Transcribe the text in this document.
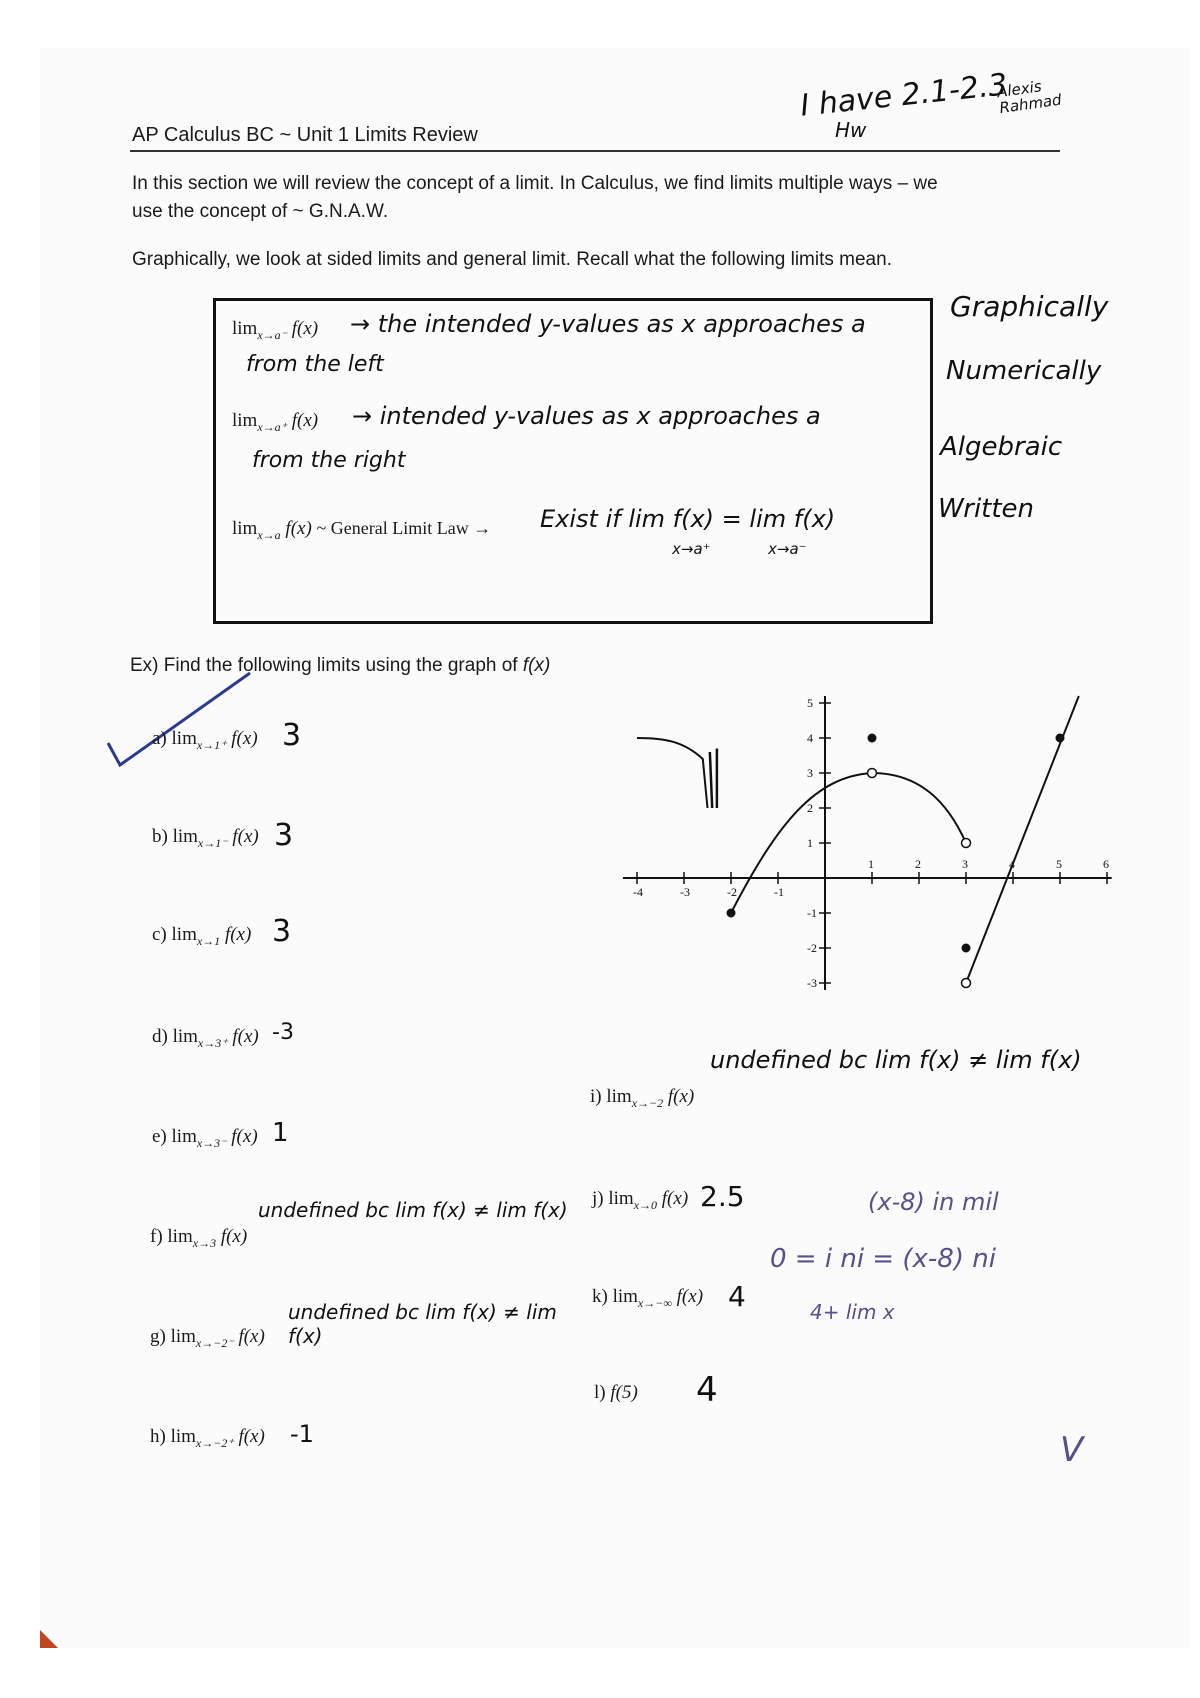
AP Calculus BC ~ Unit 1 Limits Review
I have 2.1-2.3
Hw
Alexis Rahmad
In this section we will review the concept of a limit. In Calculus, we find limits multiple ways – we
use the concept of ~ G.N.A.W.
Graphically, we look at sided limits and general limit. Recall what the following limits mean.
$\lim_{x\to a^-} f(x)$ → the intended y-values as x approaches a
from the left
$\lim_{x\to a^+} f(x)$ → intended y-values as x approaches a
from the right
$\lim_{x\to a} f(x)$ ~ General Limit Law → Exist if lim f(x) = lim f(x)
x→a⁺	x→a⁻
Graphically
Numerically
Algebraic
Written
Ex) Find the following limits using the graph of f(x)
a) $\lim_{x\to 1^+} f(x)$ 3
b) $\lim_{x\to 1^-} f(x)$ 3
c) $\lim_{x\to 1} f(x)$ 3
d) $\lim_{x\to 3^+} f(x)$ -3
e) $\lim_{x\to 3^-} f(x)$ 1
f) $\lim_{x\to 3} f(x)$
undefined bc lim f(x) ≠ lim f(x)
g) $\lim_{x\to-2^-} f(x)$
undefined bc lim f(x) ≠ lim f(x)
h) $\lim_{x\to-2^+} f(x)$ -1
i) $\lim_{x\to-2} f(x)$
undefined bc lim f(x) ≠ lim f(x)
j) $\lim_{x\to 0} f(x)$ 2.5
k) $\lim_{x\to-\infty} f(x)$ 4
l) f(5) 4
(x-8) in mil
0 = i ni = (x-8) ni
4+ lim x
V
-4	-3	-2	-1
1	2	3	4	5	6
5
4
3
2
1
-1
-2
-3
